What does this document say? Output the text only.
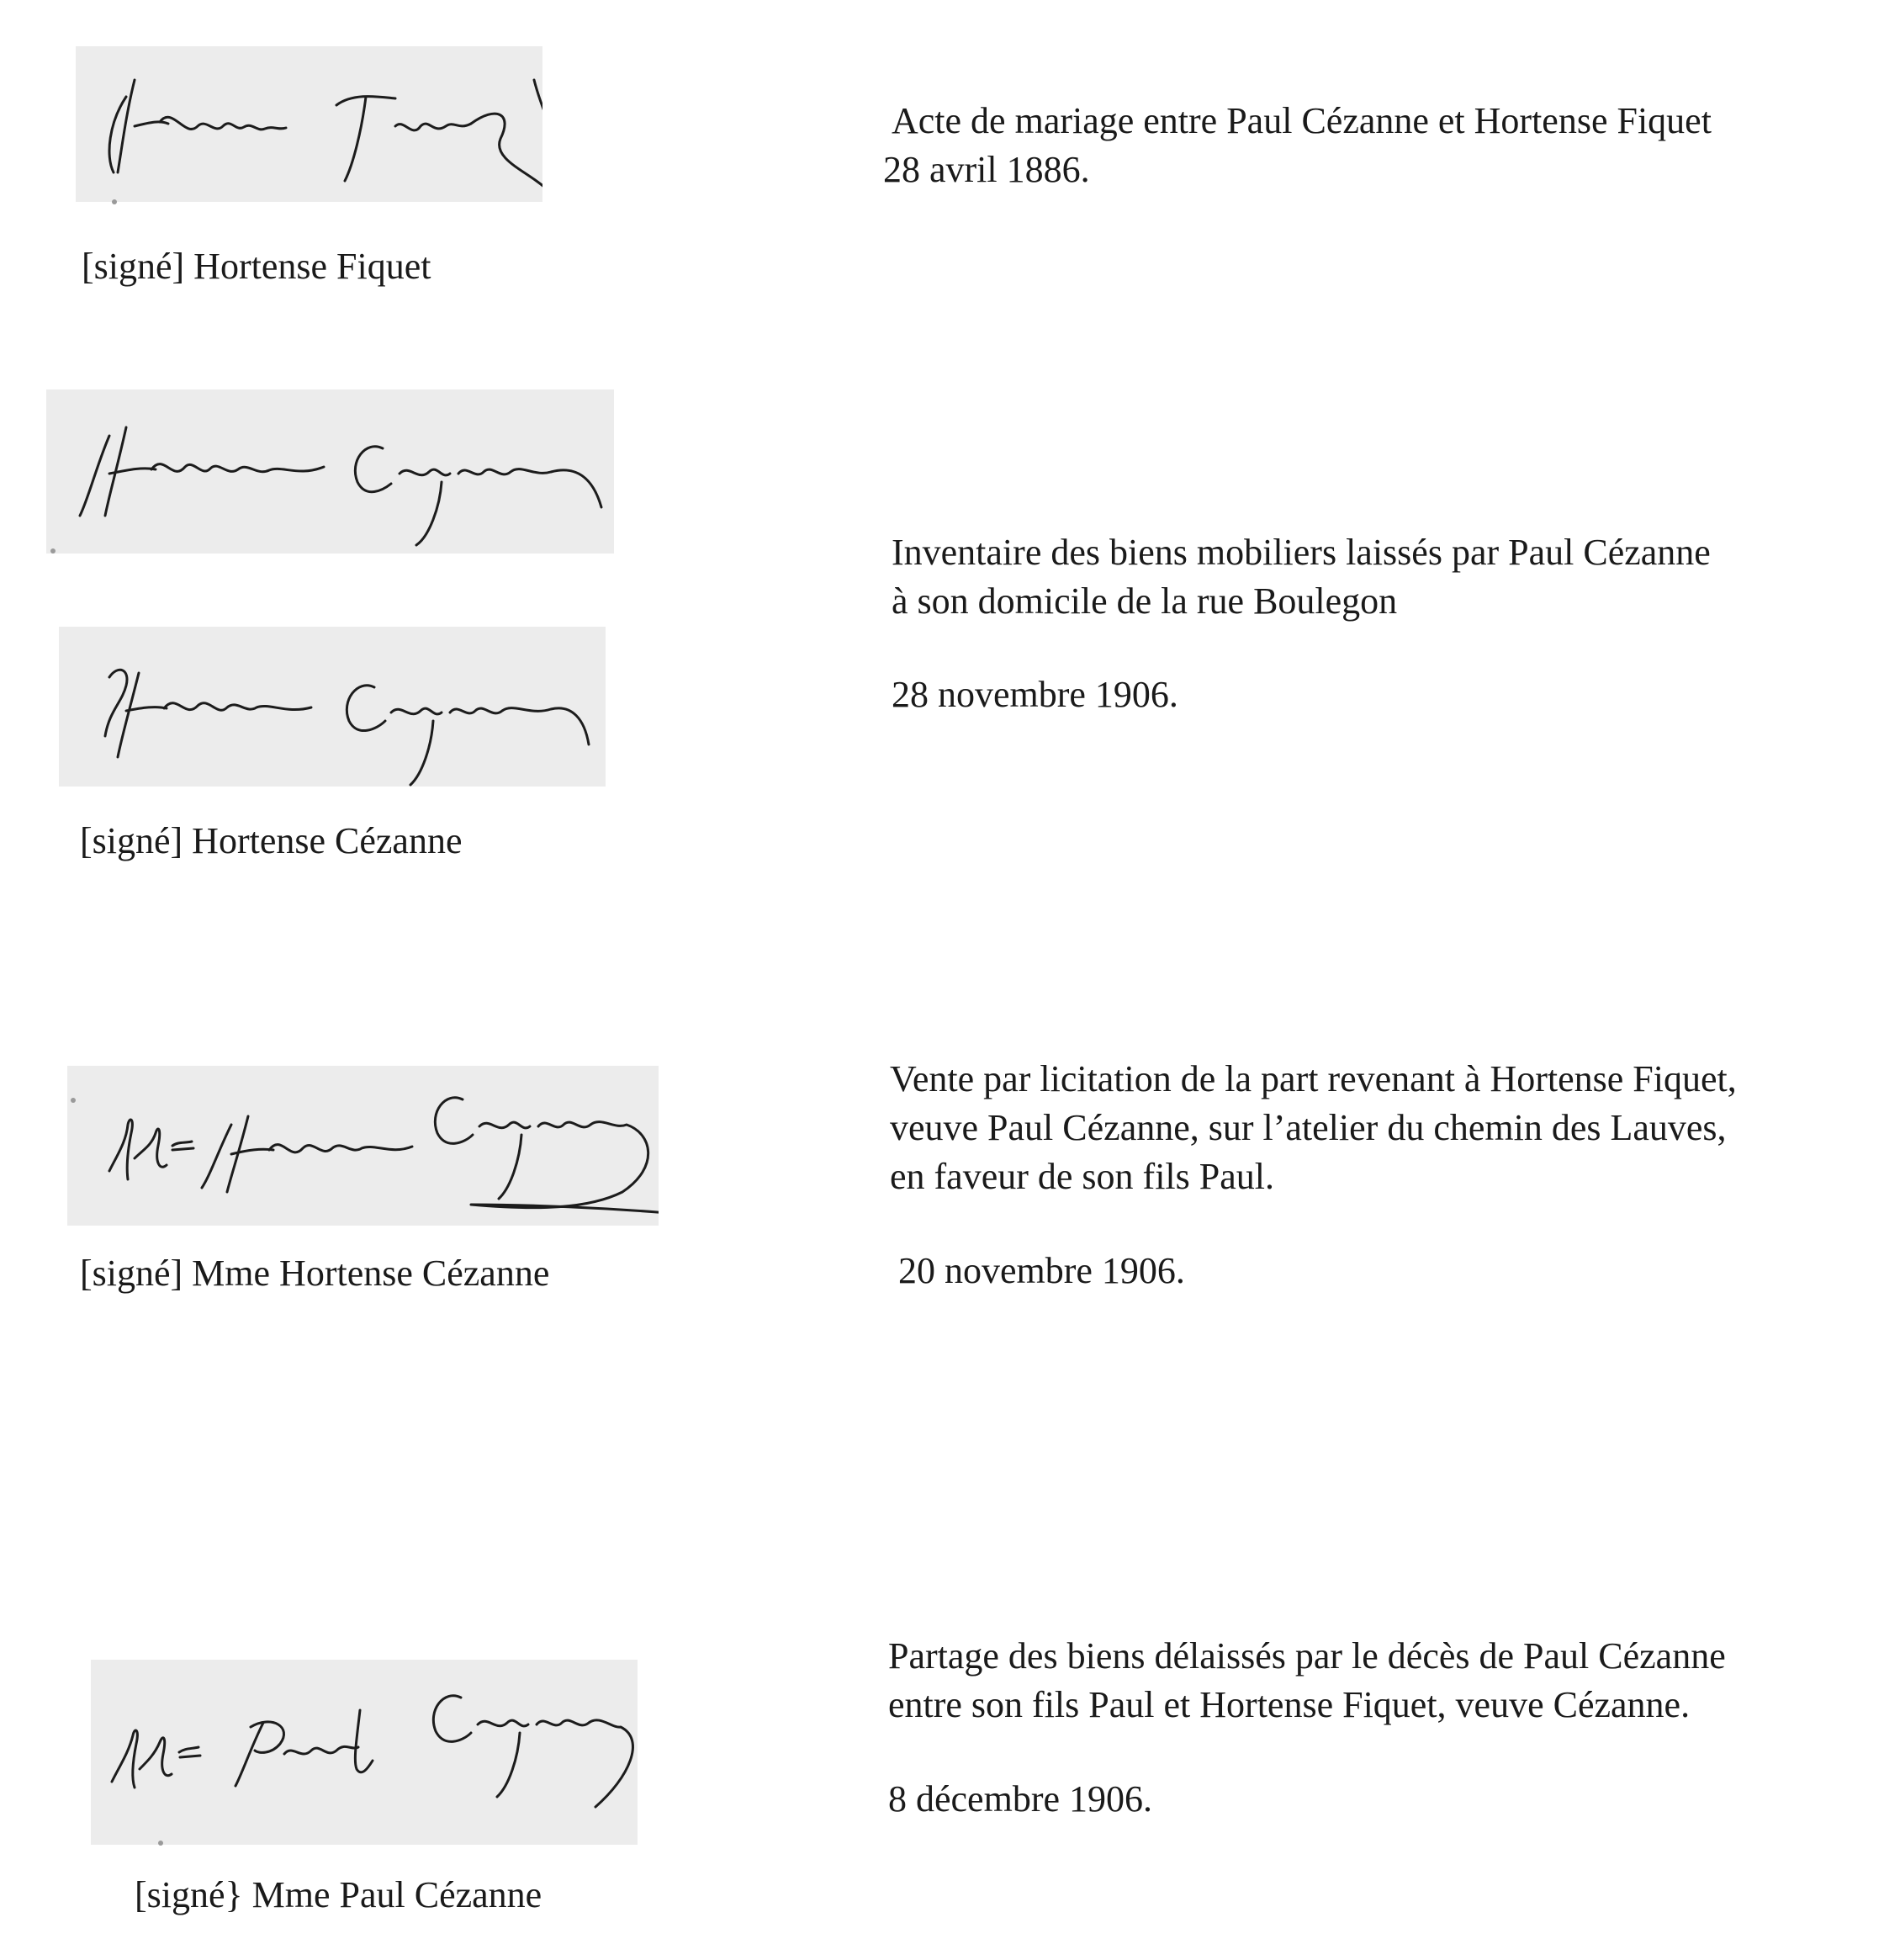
[signé] Hortense Fiquet

Acte de mariage entre Paul Cézanne et Hortense Fiquet

28 avril 1886.

[signé] Hortense Cézanne

Inventaire des biens mobiliers laissés par Paul Cézanne

à son domicile de la rue Boulegon

28 novembre 1906.
[signé] Mme Hortense Cézanne

Vente par licitation de la part revenant à Hortense Fiquet,

veuve Paul Cézanne, sur l’atelier du chemin des Lauves,

en faveur de son fils Paul.

20 novembre 1906.
[signé} Mme Paul Cézanne

Partage des biens délaissés par le décès de Paul Cézanne

entre son fils Paul et Hortense Fiquet, veuve Cézanne.

8 décembre 1906.
